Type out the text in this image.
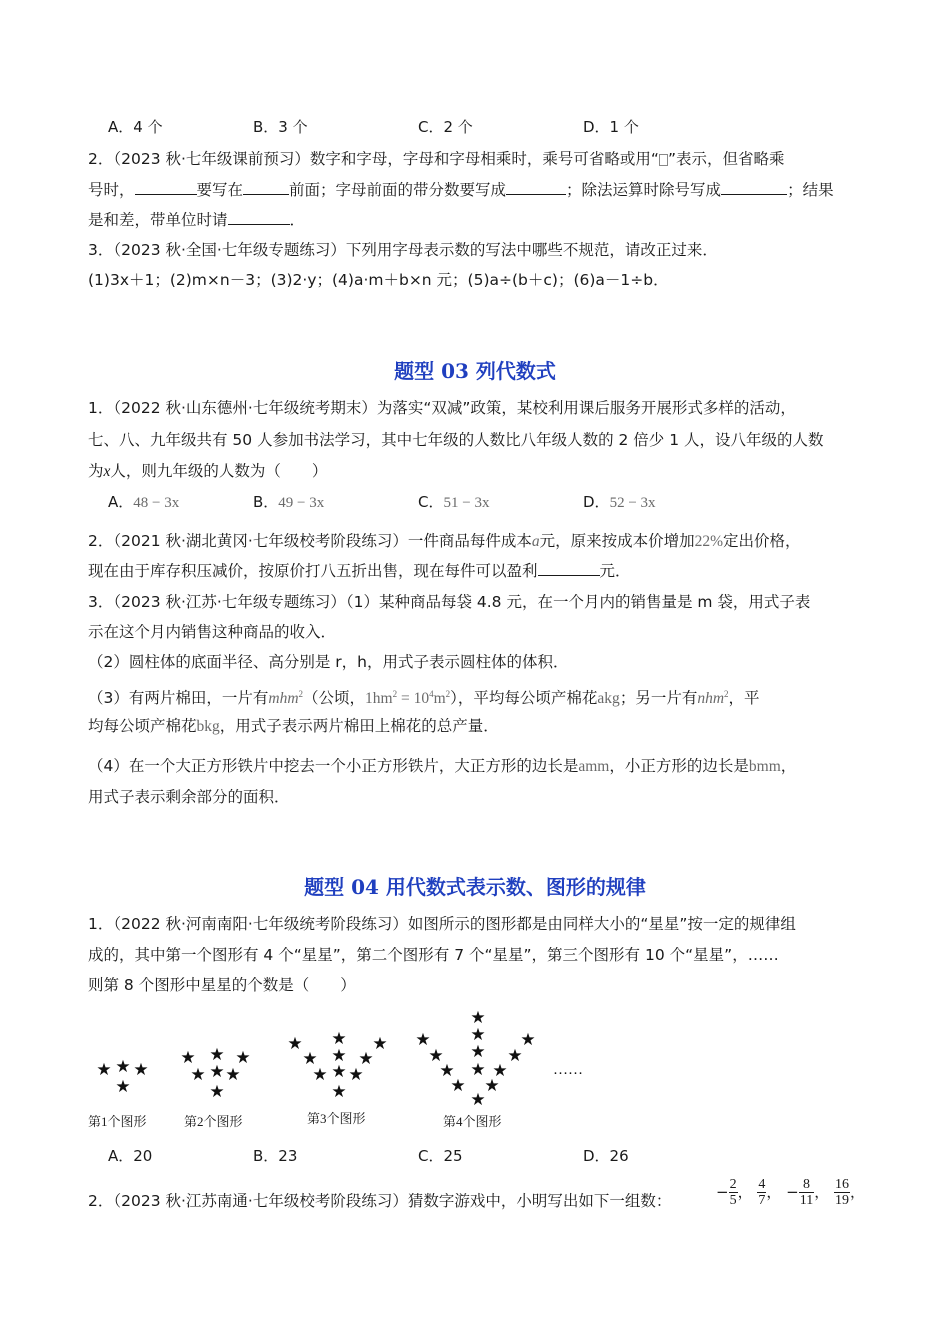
A．4 个	B．3 个	C．2 个	D．1 个
2．（2023 秋·七年级课前预习）数字和字母，字母和字母相乘时，乘号可省略或用“ ”表示，但省略乘
号时，	要写在	前面；字母前面的带分数要写成	；除法运算时除号写成	；结果
是和差，带单位时请	．
3．（2023 秋·全国·七年级专题练习）下列用字母表示数的写法中哪些不规范，请改正过来．
(1)3x＋1；(2)m×n－3；(3)2·y；(4)a·m＋b×n 元；(5)a÷(b＋c)；(6)a－1÷b．
题型 03 列代数式
1．（2022 秋·山东德州·七年级统考期末）为落实“双减”政策，某校利用课后服务开展形式多样的活动，
七、八、九年级共有 50 人参加书法学习，其中七年级的人数比八年级人数的 2 倍少 1 人，设八年级的人数
为x人，则九年级的人数为（　　）
A．48 − 3x	B．49 − 3x	C．51 − 3x	D．52 − 3x
2．（2021 秋·湖北黄冈·七年级校考阶段练习）一件商品每件成本a元，原来按成本价增加22%定出价格，
现在由于库存积压减价，按原价打八五折出售，现在每件可以盈利	元．
3．（2023 秋·江苏·七年级专题练习）（1）某种商品每袋 4.8 元，在一个月内的销售量是 m 袋，用式子表
示在这个月内销售这种商品的收入．
（2）圆柱体的底面半径、高分别是 r，h，用式子表示圆柱体的体积．
（3）有两片棉田，一片有mhm$^2$（公顷，$1hm^2 = 10^4m^2$），平均每公顷产棉花akg；另一片有nhm$^2$，平
均每公顷产棉花bkg，用式子表示两片棉田上棉花的总产量．
（4）在一个大正方形铁片中挖去一个小正方形铁片，大正方形的边长是amm，小正方形的边长是bmm，
用式子表示剩余部分的面积．
题型 04 用代数式表示数、图形的规律
1．（2022 秋·河南南阳·七年级统考阶段练习）如图所示的图形都是由同样大小的“星星”按一定的规律组
成的，其中第一个图形有 4 个“星星”，第二个图形有 7 个“星星”，第三个图形有 10 个“星星”，……
则第 8 个图形中星星的个数是（　　）
★ ★ ★
★
★ ★ ★
★ ★ ★
★
★ ★ ★
★ ★ ★
★ ★ ★
★
★
★
★
★
★
★
★
★
★
★
★
★
★
……
第1个图形	第2个图形	第3个图形	第4个图形
A．20	B．23	C．25	D．26
2．（2023 秋·江苏南通·七年级校考阶段练习）猜数字游戏中，小明写出如下一组数：	− $\frac{2}{5}$ ， $\frac{4}{7}$ ， − $\frac{8}{11}$ ， $\frac{16}{19}$ ，
